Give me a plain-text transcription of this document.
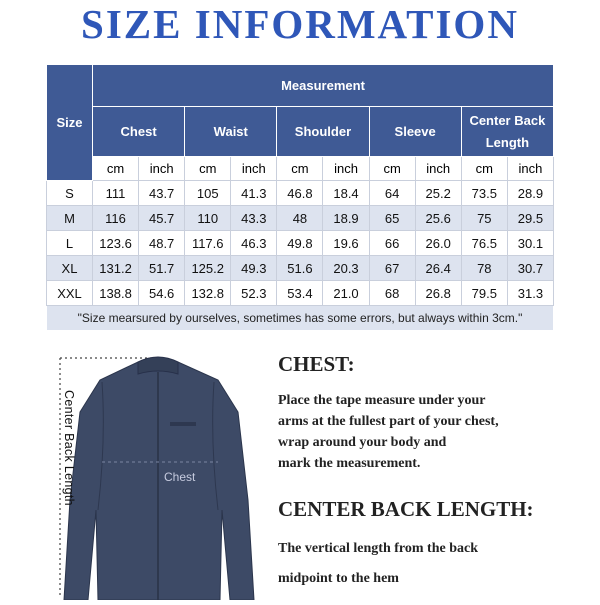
SIZE INFORMATION
Size	Measurement									
	Chest		Waist		Shoulder		Sleeve		Center Back Length	
	cm	inch	cm	inch	cm	inch	cm	inch	cm	inch
S	111	43.7	105	41.3	46.8	18.4	64	25.2	73.5	28.9
M	116	45.7	110	43.3	48	18.9	65	25.6	75	29.5
L	123.6	48.7	117.6	46.3	49.8	19.6	66	26.0	76.5	30.1
XL	131.2	51.7	125.2	49.3	51.6	20.3	67	26.4	78	30.7
XXL	138.8	54.6	132.8	52.3	53.4	21.0	68	26.8	79.5	31.3
"Size mearsured by ourselves, sometimes has some errors, but always within 3cm."										
Center Back Length	Chest
CHEST:
Place the tape measure under your
arms at the fullest part of your chest,
wrap around your body and
mark the measurement.
CENTER BACK LENGTH:
The vertical length from the back
midpoint to the hem
